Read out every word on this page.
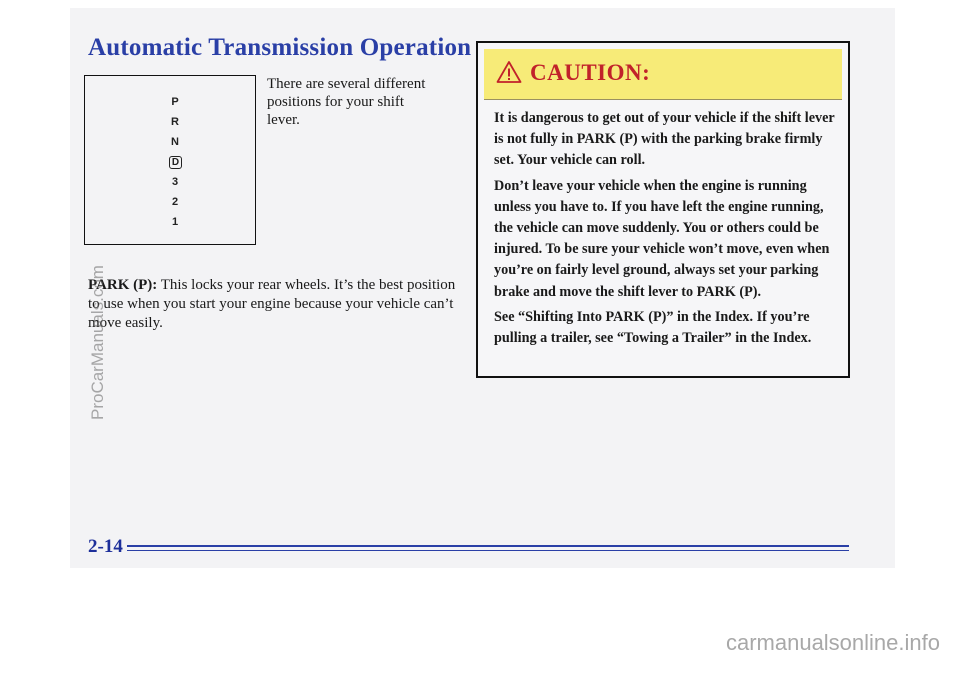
Automatic Transmission Operation
P
R
N
D
3
2
1
There are several different positions for your shift lever.
PARK (P): This locks your rear wheels. It’s the best position to use when you start your engine because your vehicle can’t move easily.
CAUTION:

It is dangerous to get out of your vehicle if the shift lever is not fully in PARK (P) with the parking brake firmly set. Your vehicle can roll.

Don’t leave your vehicle when the engine is running unless you have to. If you have left the engine running, the vehicle can move suddenly. You or others could be injured. To be sure your vehicle won’t move, even when you’re on fairly level ground, always set your parking brake and move the shift lever to PARK (P).

See “Shifting Into PARK (P)” in the Index. If you’re pulling a trailer, see “Towing a Trailer” in the Index.

2-14
ProCarManuals.com
carmanualsonline.info
